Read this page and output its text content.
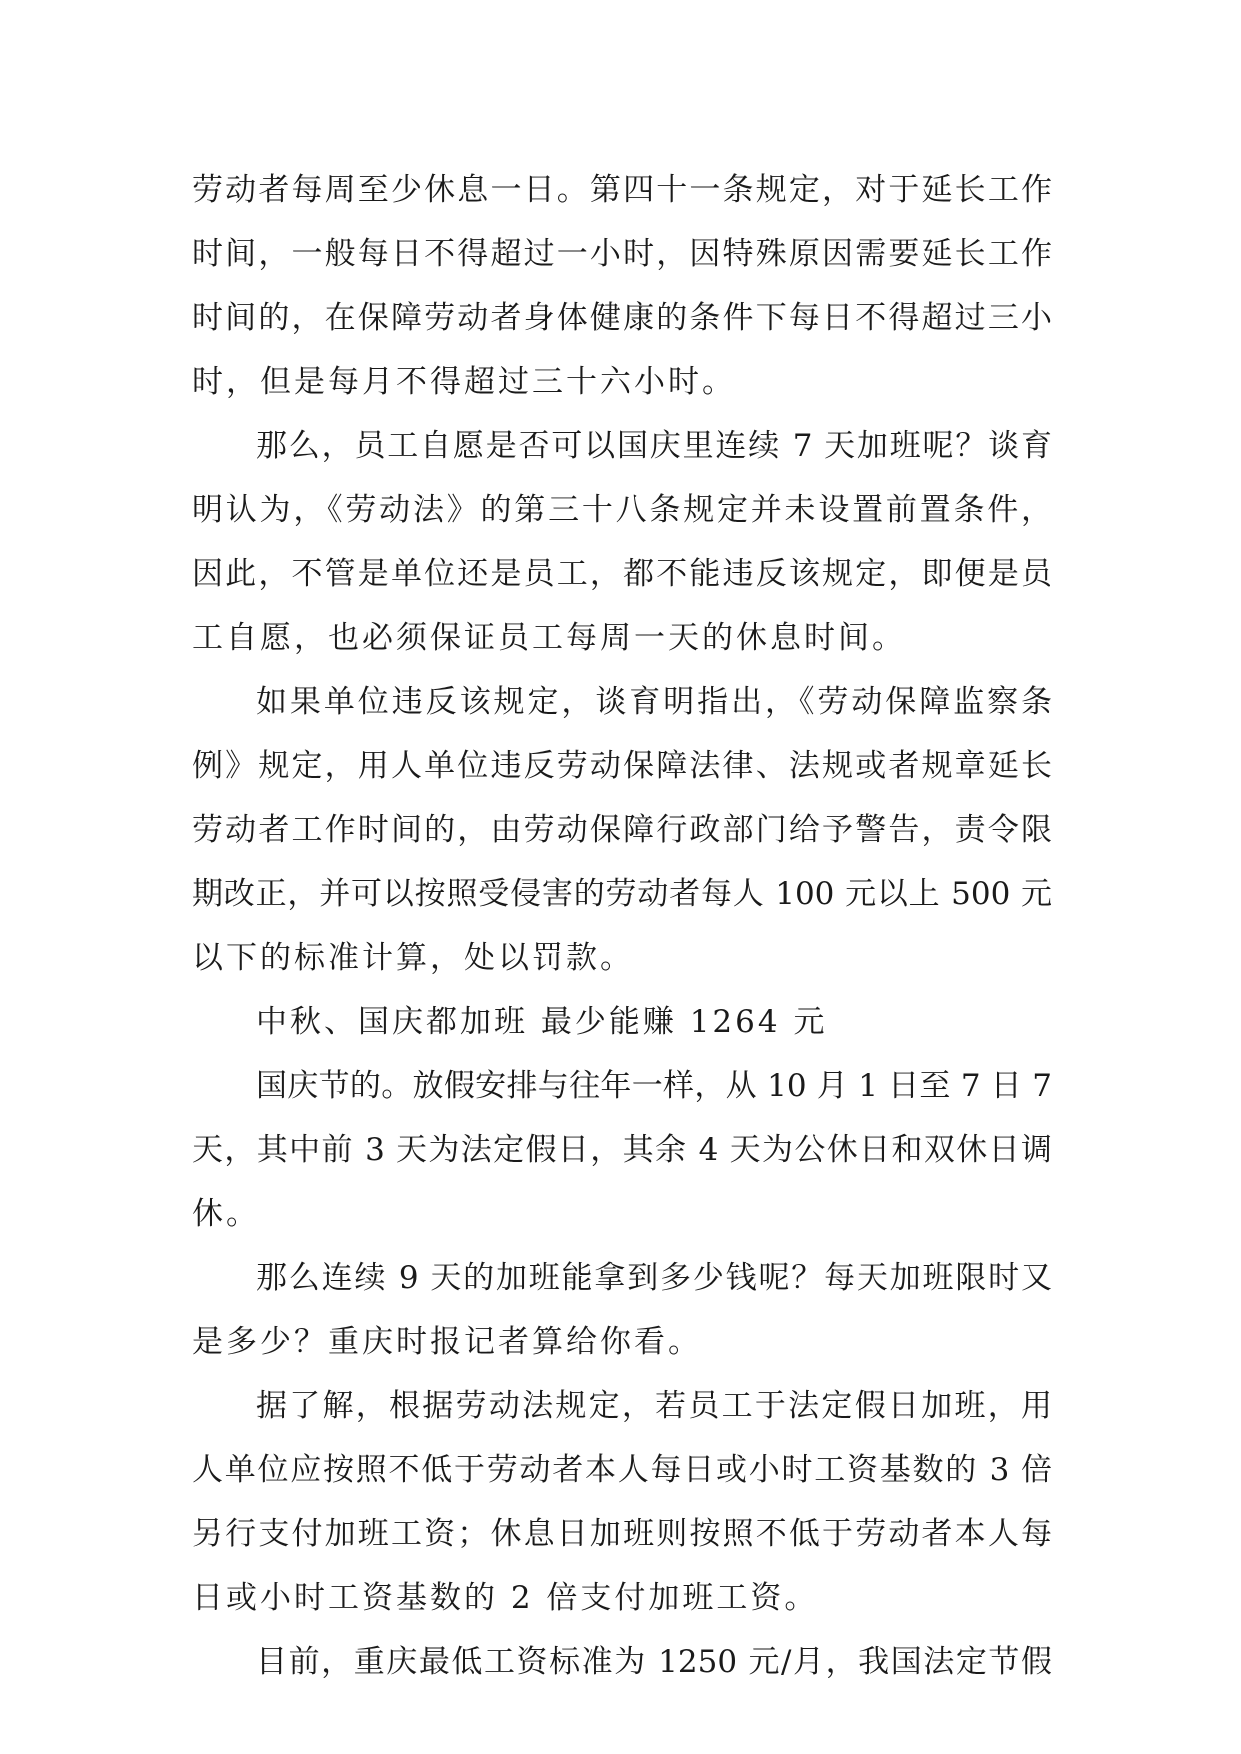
劳动者每周至少休息一日。第四十一条规定，对于延长工作
时间，一般每日不得超过一小时，因特殊原因需要延长工作
时间的，在保障劳动者身体健康的条件下每日不得超过三小
时，但是每月不得超过三十六小时。
那么，员工自愿是否可以国庆里连续 7 天加班呢？谈育
明认为，《劳动法》的第三十八条规定并未设置前置条件，
因此，不管是单位还是员工，都不能违反该规定，即便是员
工自愿，也必须保证员工每周一天的休息时间。
如果单位违反该规定，谈育明指出，《劳动保障监察条
例》规定，用人单位违反劳动保障法律、法规或者规章延长
劳动者工作时间的，由劳动保障行政部门给予警告，责令限
期改正，并可以按照受侵害的劳动者每人 100 元以上 500 元
以下的标准计算，处以罚款。
中秋、国庆都加班 最少能赚 1264 元
国庆节的。放假安排与往年一样，从 10 月 1 日至 7 日 7
天，其中前 3 天为法定假日，其余 4 天为公休日和双休日调
休。
那么连续 9 天的加班能拿到多少钱呢？每天加班限时又
是多少？重庆时报记者算给你看。
据了解，根据劳动法规定，若员工于法定假日加班，用
人单位应按照不低于劳动者本人每日或小时工资基数的 3 倍
另行支付加班工资；休息日加班则按照不低于劳动者本人每
日或小时工资基数的 2 倍支付加班工资。
目前，重庆最低工资标准为 1250 元/月，我国法定节假
